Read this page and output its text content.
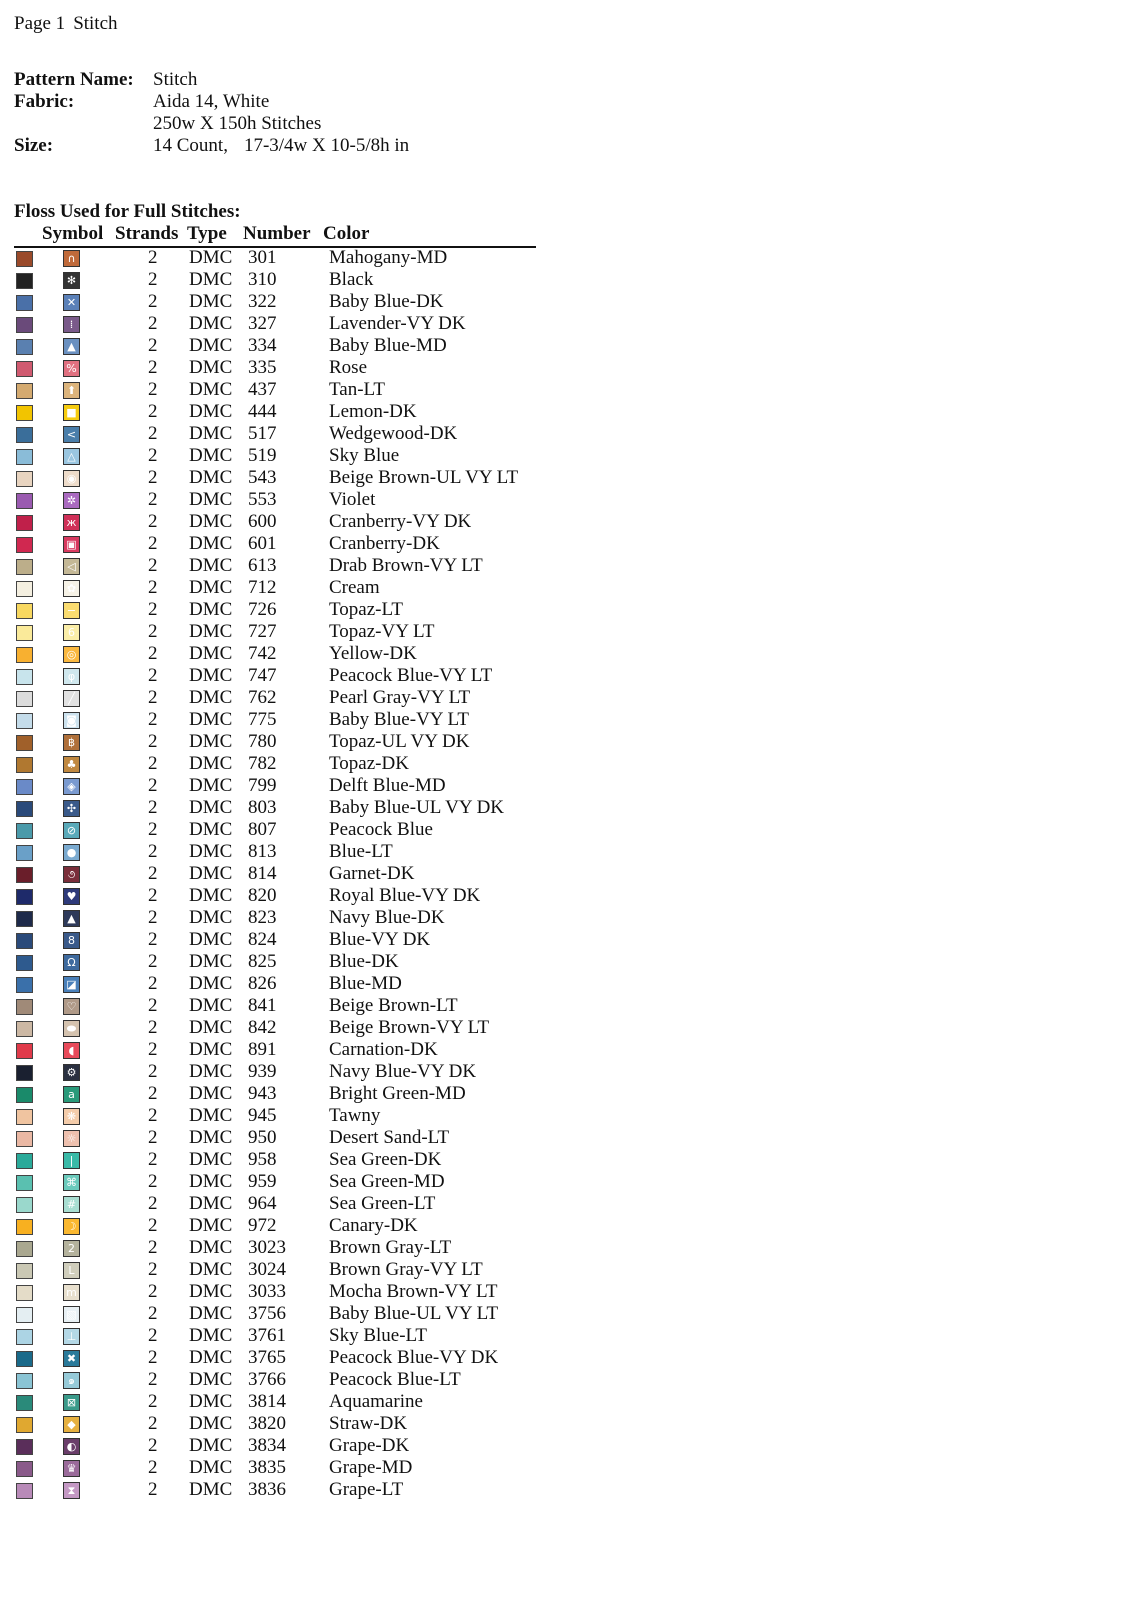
Page 1 Stitch
Pattern Name: Stitch
Fabric:	Aida 14, White
250w X 150h Stitches
Size:	14 Count, 17-3/4w X 10-5/8h in
Floss Used for Full Stitches:
Symbol Strands Type Number Color
∩	2 DMC 301	Mahogany-MD
✻	2 DMC 310	Black
✕	2 DMC 322	Baby Blue-DK
⁞	2 DMC 327	Lavender-VY DK
▲	2 DMC 334	Baby Blue-MD
%	2 DMC 335	Rose
⬆	2 DMC 437	Tan-LT
■	2 DMC 444	Lemon-DK
<	2 DMC 517	Wedgewood-DK
△	2 DMC 519	Sky Blue
◉	2 DMC 543	Beige Brown-UL VY LT
✲	2 DMC 553	Violet
ж	2 DMC 600	Cranberry-VY DK
▣	2 DMC 601	Cranberry-DK
◁	2 DMC 613	Drab Brown-VY LT
✿	2 DMC 712	Cream
−	2 DMC 726	Topaz-LT
6	2 DMC 727	Topaz-VY LT
◎	2 DMC 742	Yellow-DK
φ	2 DMC 747	Peacock Blue-VY LT
╱	2 DMC 762	Pearl Gray-VY LT
◙	2 DMC 775	Baby Blue-VY LT
฿	2 DMC 780	Topaz-UL VY DK
♣	2 DMC 782	Topaz-DK
◈	2 DMC 799	Delft Blue-MD
✣	2 DMC 803	Baby Blue-UL VY DK
⊘	2 DMC 807	Peacock Blue
●	2 DMC 813	Blue-LT
૭	2 DMC 814	Garnet-DK
♥	2 DMC 820	Royal Blue-VY DK
▲	2 DMC 823	Navy Blue-DK
8	2 DMC 824	Blue-VY DK
Ω	2 DMC 825	Blue-DK
◪	2 DMC 826	Blue-MD
♡	2 DMC 841	Beige Brown-LT
⬬	2 DMC 842	Beige Brown-VY LT
◖	2 DMC 891	Carnation-DK
⚙	2 DMC 939	Navy Blue-VY DK
a	2 DMC 943	Bright Green-MD
❋	2 DMC 945	Tawny
☼	2 DMC 950	Desert Sand-LT
|	2 DMC 958	Sea Green-DK
⌘	2 DMC 959	Sea Green-MD
#	2 DMC 964	Sea Green-LT
☽	2 DMC 972	Canary-DK
2	2 DMC 3023 Brown Gray-LT
L	2 DMC 3024 Brown Gray-VY LT
m	2 DMC 3033 Mocha Brown-VY LT
▧	2 DMC 3756 Baby Blue-UL VY LT
⊥	2 DMC 3761 Sky Blue-LT
✖	2 DMC 3765 Peacock Blue-VY DK
๑	2 DMC 3766 Peacock Blue-LT
⊠	2 DMC 3814 Aquamarine
◆	2 DMC 3820 Straw-DK
◐	2 DMC 3834 Grape-DK
♛	2 DMC 3835 Grape-MD
⧗	2 DMC 3836 Grape-LT
